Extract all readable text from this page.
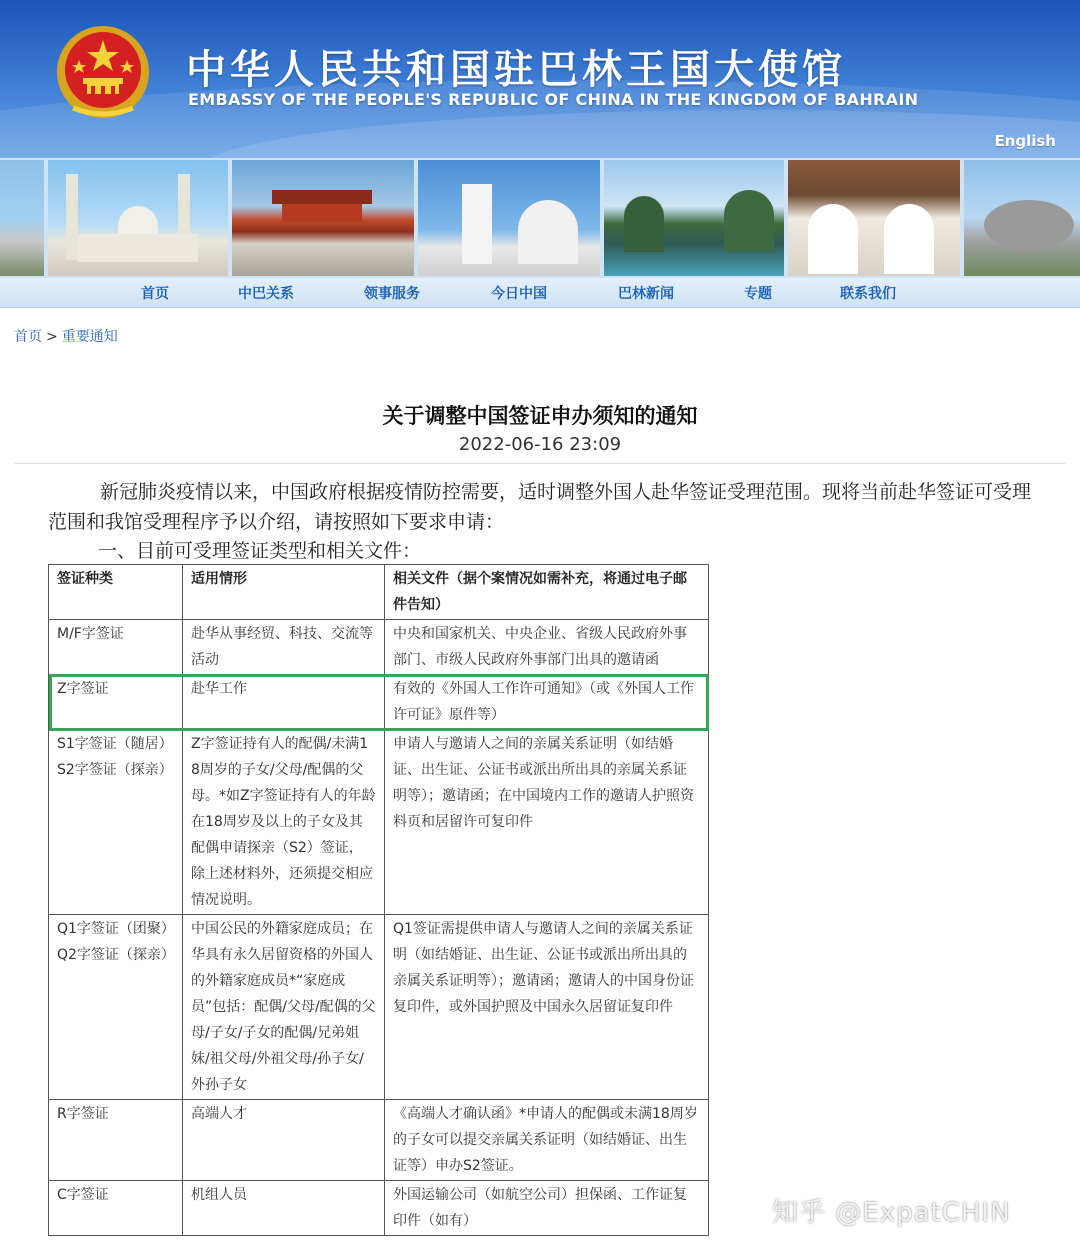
中华人民共和国驻巴林王国大使馆
EMBASSY OF THE PEOPLE'S REPUBLIC OF CHINA IN THE KINGDOM OF BAHRAIN
English
首页	中巴关系	领事服务	今日中国	巴林新闻	专题	联系我们
首页 > 重要通知
关于调整中国签证申办须知的通知
2022-06-16 23:09
新冠肺炎疫情以来，中国政府根据疫情防控需要，适时调整外国人赴华签证受理范围。现将当前赴华签证可受理范围和我馆受理程序予以介绍，请按照如下要求申请：
一、目前可受理签证类型和相关文件：
签证种类	适用情形	相关文件（据个案情况如需补充，将通过电子邮件告知）
M/F字签证	赴华从事经贸、科技、交流等活动	中央和国家机关、中央企业、省级人民政府外事部门、市级人民政府外事部门出具的邀请函
Z字签证	赴华工作	有效的《外国人工作许可通知》（或《外国人工作许可证》原件等）
S1字签证（随居）S2字签证（探亲）	Z字签证持有人的配偶/未满18周岁的子女/父母/配偶的父母。*如Z字签证持有人的年龄在18周岁及以上的子女及其配偶申请探亲（S2）签证，除上述材料外，还须提交相应情况说明。	申请人与邀请人之间的亲属关系证明（如结婚证、出生证、公证书或派出所出具的亲属关系证明等）；邀请函；在中国境内工作的邀请人护照资料页和居留许可复印件
Q1字签证（团聚）Q2字签证（探亲）	中国公民的外籍家庭成员；在华具有永久居留资格的外国人的外籍家庭成员*“家庭成员”包括：配偶/父母/配偶的父母/子女/子女的配偶/兄弟姐妹/祖父母/外祖父母/孙子女/外孙子女	Q1签证需提供申请人与邀请人之间的亲属关系证明（如结婚证、出生证、公证书或派出所出具的亲属关系证明等）；邀请函；邀请人的中国身份证复印件，或外国护照及中国永久居留证复印件
R字签证	高端人才	《高端人才确认函》*申请人的配偶或未满18周岁的子女可以提交亲属关系证明（如结婚证、出生证等）申办S2签证。
C字签证	机组人员	外国运输公司（如航空公司）担保函、工作证复印件（如有）	知乎 @ExpatCHIN
